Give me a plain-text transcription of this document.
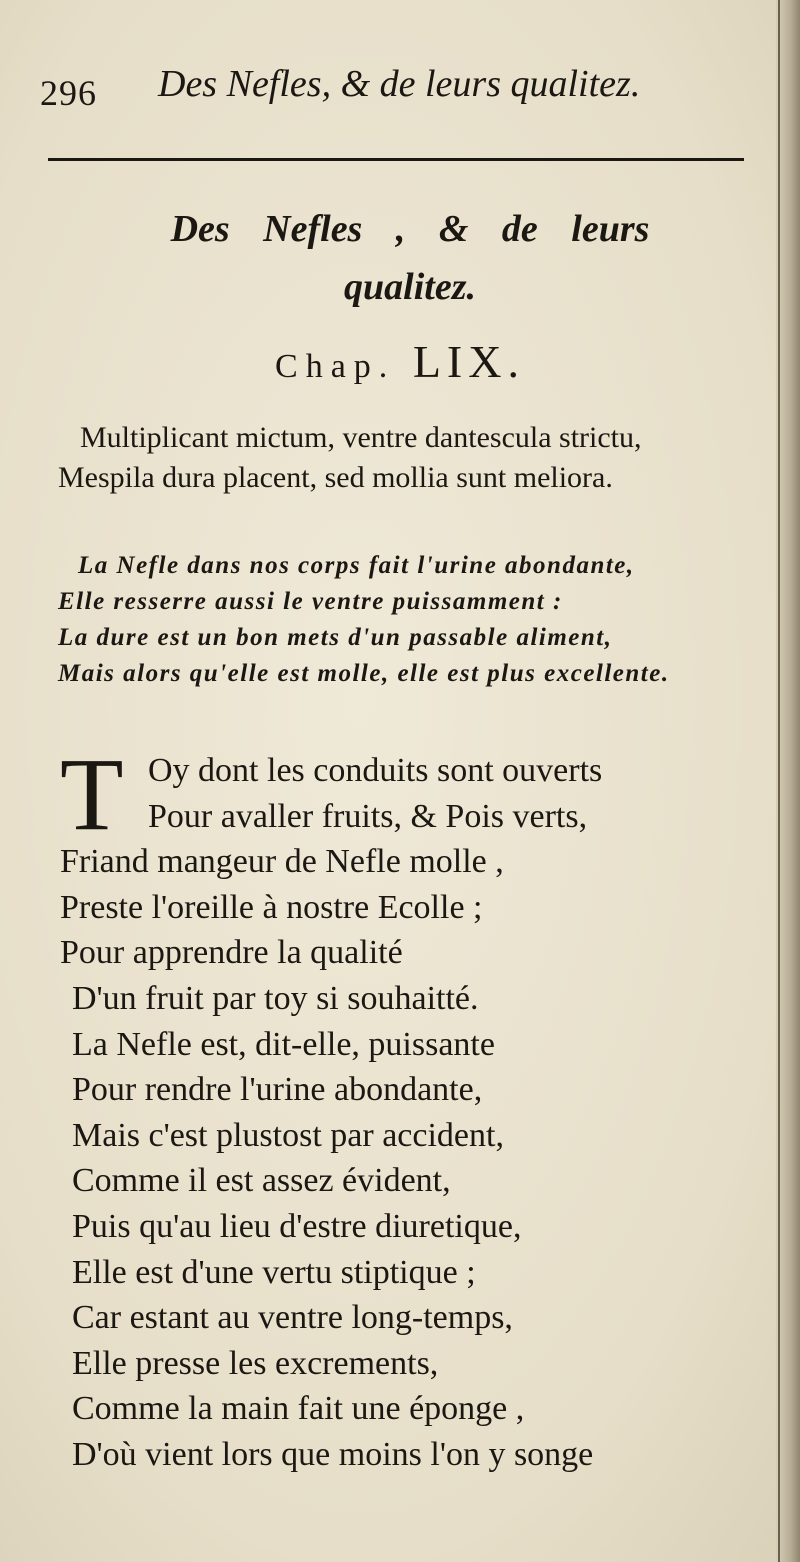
296 Des Nefles, & de leurs qualitez.
Des Nefles , & de leurs qualitez.
Chap. LIX.
Multiplicant mictum, ventre dantescula strictu,
Mespila dura placent, sed mollia sunt meliora.
La Nefle dans nos corps fait l'urine abondante,
Elle resserre aussi le ventre puissamment :
La dure est un bon mets d'un passable aliment,
Mais alors qu'elle est molle, elle est plus excellente.
T Oy dont les conduits sont ouverts
Pour avaller fruits, & Pois verts,
Friand mangeur de Nefle molle ,
Preste l'oreille à nostre Ecolle ;
Pour apprendre la qualité
D'un fruit par toy si souhaitté.
La Nefle est, dit-elle, puissante
Pour rendre l'urine abondante,
Mais c'est plustost par accident,
Comme il est assez évident,
Puis qu'au lieu d'estre diuretique,
Elle est d'une vertu stiptique ;
Car estant au ventre long-temps,
Elle presse les excrements,
Comme la main fait une éponge ,
D'où vient lors que moins l'on y songe
